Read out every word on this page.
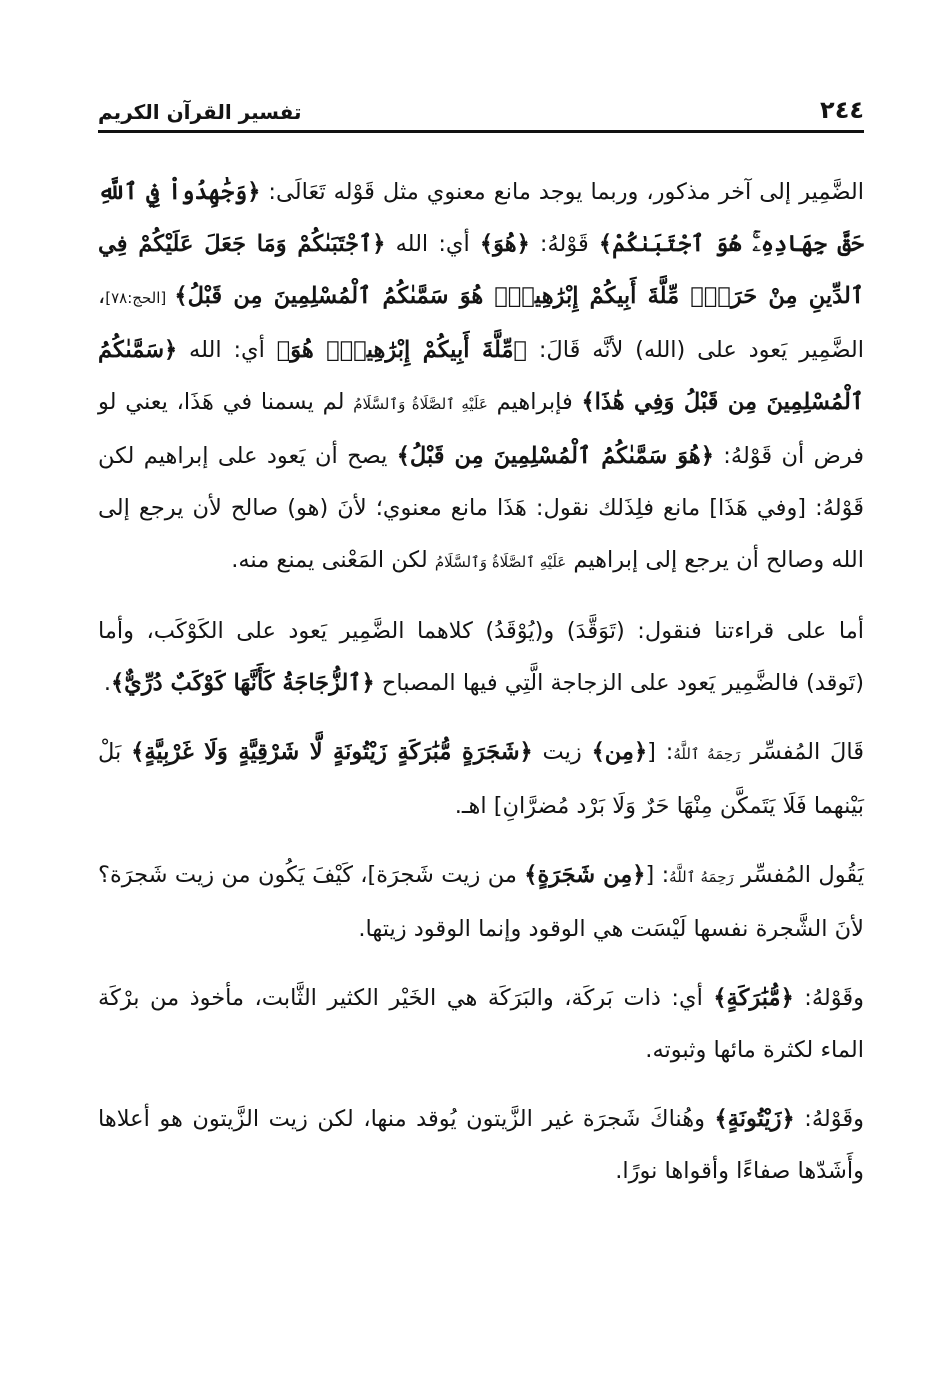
٢٤٤
تفسير القرآن الكريم

الضَّمِير إلى آخر مذكور، وربما يوجد مانع معنوي مثل قَوْله تَعَالَى: ﴿وَجَٰهِدُواْ فِي ٱللَّهِ حَقَّ جِهَادِهِۦۚ هُوَ ٱجْتَبَىٰكُمْ﴾ قَوْلهُ: ﴿هُوَ﴾ أي: الله ﴿ٱجْتَبَىٰكُمْ وَمَا جَعَلَ عَلَيْكُمْ فِي ٱلدِّينِ مِنْ حَرَجٍۚ مِّلَّةَ أَبِيكُمْ إِبْرَٰهِيمَۚ هُوَ سَمَّىٰكُمُ ٱلْمُسْلِمِينَ مِن قَبْلُ﴾ [الحج:٧٨]، الضَّمِير يَعود على (الله) لأنَّه قَالَ: ﴿مِّلَّةَ أَبِيكُمْ إِبْرَٰهِيمَۚ هُوَ﴾ أي: الله ﴿سَمَّىٰكُمُ ٱلْمُسْلِمِينَ مِن قَبْلُ وَفِي هَٰذَا﴾ فإبراهيم عَلَيْهِ ٱلصَّلَاةُ وَٱلسَّلَامُ لم يسمنا في هَذَا، يعني لو فرض أن قَوْلهُ: ﴿هُوَ سَمَّىٰكُمُ ٱلْمُسْلِمِينَ مِن قَبْلُ﴾ يصح أن يَعود على إبراهيم لكن قَوْلهُ: [وفي هَذَا] مانع فلِذَلك نقول: هَذَا مانع معنوي؛ لأنَ (هو) صالح لأن يرجع إلى الله وصالح أن يرجع إلى إبراهيم عَلَيْهِ ٱلصَّلَاةُ وَٱلسَّلَامُ لكن المَعْنى يمنع منه.

أما على قراءتنا فنقول: (تَوَقَّدَ) و(يُوْقَدُ) كلاهما الضَّمِير يَعود على الكَوْكَب، وأما (تَوقد) فالضَّمِير يَعود على الزجاجة الَّتِي فيها المصباح ﴿ٱلزُّجَاجَةُ كَأَنَّهَا كَوْكَبٌ دُرِّيٌّ﴾.

قَالَ المُفسِّر رَحِمَهُ ٱللَّهُ: [﴿مِن﴾ زيت ﴿شَجَرَةٍ مُّبَٰرَكَةٍ زَيْتُونَةٍ لَّا شَرْقِيَّةٍ وَلَا غَرْبِيَّةٍ﴾ بَلْ بَيْنهما فَلَا يَتَمكَّن مِنْهَا حَرٌ وَلَا بَرْد مُضرَّانِ] اهـ.

يَقُول المُفسِّر رَحِمَهُ ٱللَّهُ: [﴿مِن شَجَرَةٍ﴾ من زيت شَجرَة]، كَيْفَ يَكُون من زيت شَجرَة؟ لأنَ الشَّجرة نفسها لَيْسَت هي الوقود وإنما الوقود زيتها.

وقَوْلهُ: ﴿مُّبَٰرَكَةٍ﴾ أي: ذات بَركَة، والبَرَكَة هي الخَيْر الكثير الثَّابت، مأخوذ من برْكَة الماء لكثرة مائها وثبوته.

وقَوْلهُ: ﴿زَيْتُونَةٍ﴾ وهُناكَ شَجرَة غير الزَّيتون يُوقد منها، لكن زيت الزَّيتون هو أعلاها وأَشَدّها صفاءًا وأقواها نورًا.
